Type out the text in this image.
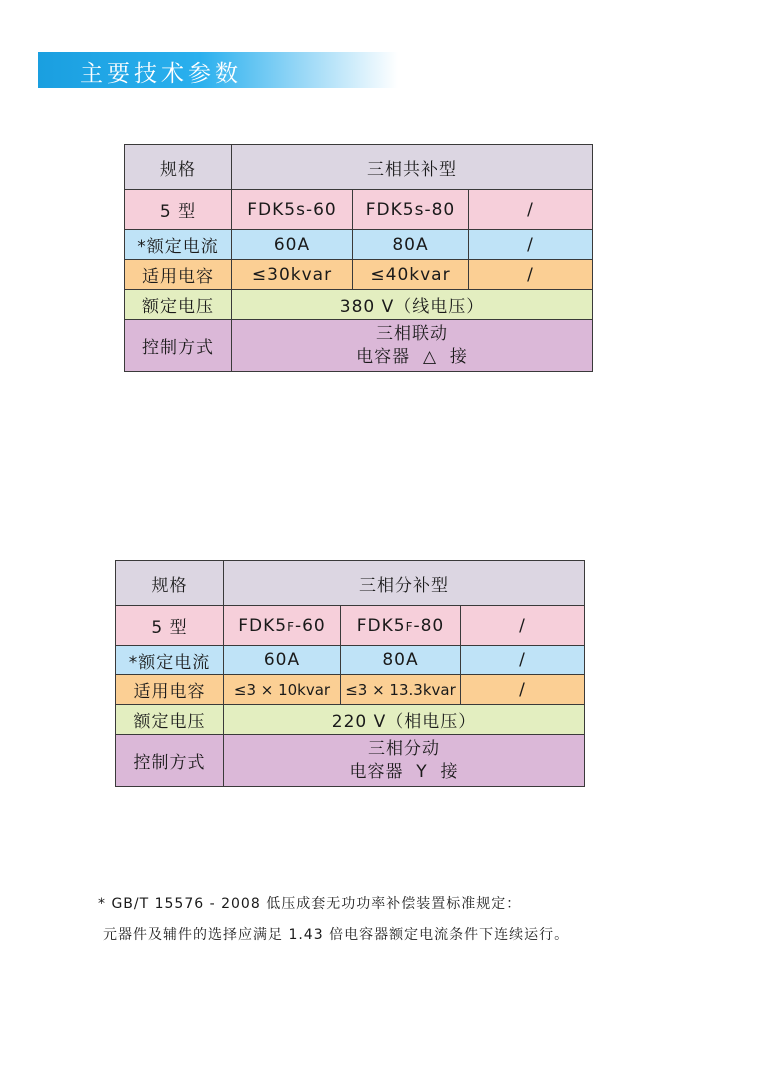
主要技术参数
规格	三相共补型		
5 型	FDK5s-60	FDK5s-80	/
*额定电流	60A	80A	/
适用电容	≤30kvar	≤40kvar	/
额定电压	380 V（线电压）		
控制方式	三相联动
电容器  △  接		
规格	三相分补型		
5 型	FDK5F-60	FDK5F-80	/
*额定电流	60A	80A	/
适用电容	≤3 × 10kvar	≤3 × 13.3kvar	/
额定电压	220 V（相电压）		
控制方式	三相分动
电容器  Y  接		
* GB/T 15576 - 2008 低压成套无功功率补偿装置标准规定：
元器件及辅件的选择应满足 1.43 倍电容器额定电流条件下连续运行。
